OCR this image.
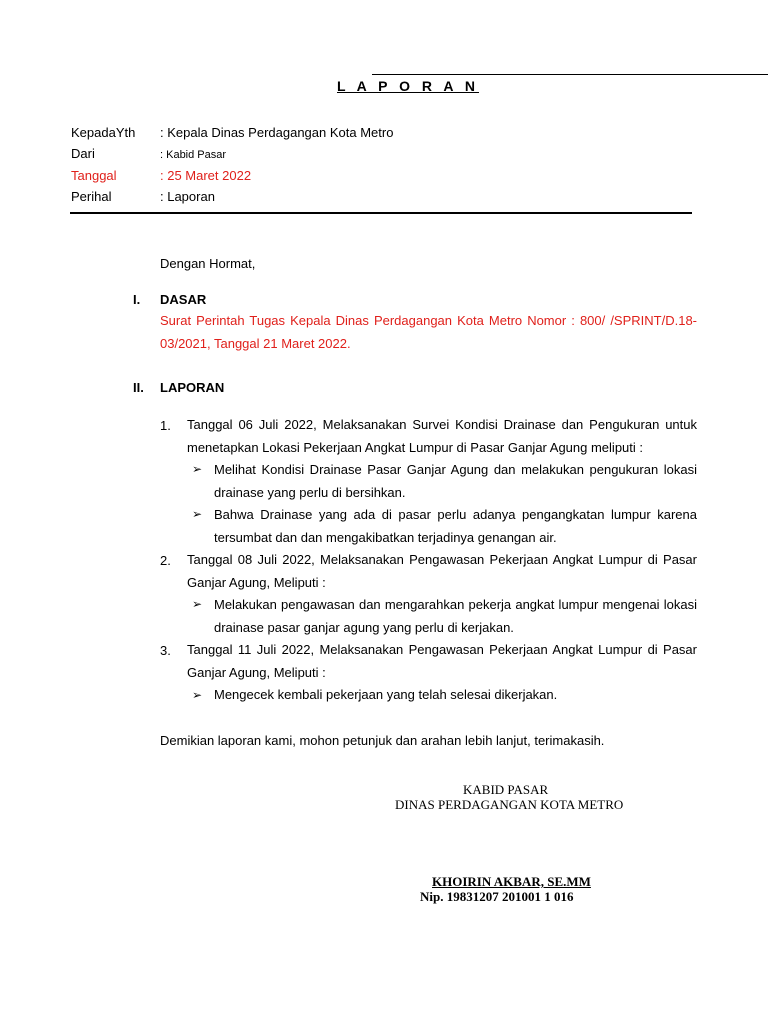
L A P O R A N
KepadaYth : Kepala Dinas Perdagangan Kota Metro
Dari	: Kabid Pasar
Tanggal	: 25 Maret 2022
Perihal	: Laporan
Dengan Hormat,
I. DASAR
Surat Perintah Tugas Kepala Dinas Perdagangan Kota Metro Nomor : 800/ /SPRINT/D.18-03/2021, Tanggal 21 Maret 2022.
II. LAPORAN
1. Tanggal 06 Juli 2022, Melaksanakan Survei Kondisi Drainase dan Pengukuran untuk menetapkan Lokasi Pekerjaan Angkat Lumpur di Pasar Ganjar Agung meliputi :
➢ Melihat Kondisi Drainase Pasar Ganjar Agung dan melakukan pengukuran lokasi drainase yang perlu di bersihkan.
➢ Bahwa Drainase yang ada di pasar perlu adanya pengangkatan lumpur karena tersumbat dan dan mengakibatkan terjadinya genangan air.
2. Tanggal 08 Juli 2022, Melaksanakan Pengawasan Pekerjaan Angkat Lumpur di Pasar Ganjar Agung, Meliputi :
➢ Melakukan pengawasan dan mengarahkan pekerja angkat lumpur mengenai lokasi drainase pasar ganjar agung yang perlu di kerjakan.
3. Tanggal 11 Juli 2022, Melaksanakan Pengawasan Pekerjaan Angkat Lumpur di Pasar Ganjar Agung, Meliputi :
➢ Mengecek kembali pekerjaan yang telah selesai dikerjakan.
Demikian laporan kami, mohon petunjuk dan arahan lebih lanjut, terimakasih.
KABID PASAR
DINAS PERDAGANGAN KOTA METRO
KHOIRIN AKBAR, SE.MM
Nip. 19831207 201001 1 016
